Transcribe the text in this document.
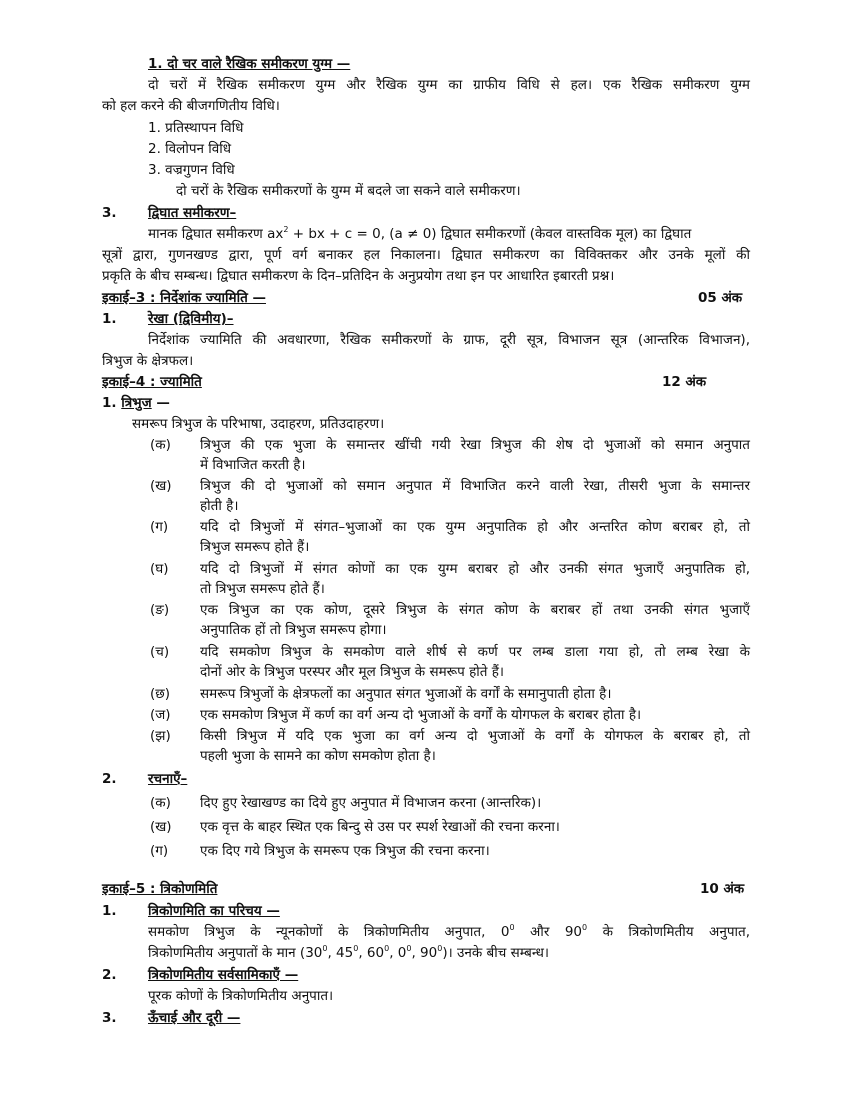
1. दो चर वाले रैखिक समीकरण युग्म —
दो चरों में रैखिक समीकरण युग्म और रैखिक युग्म का ग्राफीय विधि से हल। एक रैखिक समीकरण युग्म
को हल करने की बीजगणितीय विधि।
1. प्रतिस्थापन विधि
2. विलोपन विधि
3. वज्रगुणन विधि
दो चरों के रैखिक समीकरणों के युग्म में बदले जा सकने वाले समीकरण।
3. द्विघात समीकरण–
मानक द्विघात समीकरण $ax^2$ + bx + c = 0, (a ≠ 0) द्विघात समीकरणों (केवल वास्तविक मूल) का द्विघात
सूत्रों द्वारा, गुणनखण्ड द्वारा, पूर्ण वर्ग बनाकर हल निकालना। द्विघात समीकरण का विविक्तकर और उनके मूलों की
प्रकृति के बीच सम्बन्ध। द्विघात समीकरण के दिन–प्रतिदिन के अनुप्रयोग तथा इन पर आधारित इबारती प्रश्न।
इकाई–3 : निर्देशांक ज्यामिति —	05 अंक
1. रेखा (द्विविमीय)–
निर्देशांक ज्यामिति की अवधारणा, रैखिक समीकरणों के ग्राफ, दूरी सूत्र, विभाजन सूत्र (आन्तरिक विभाजन),
त्रिभुज के क्षेत्रफल।
इकाई–4 : ज्यामिति	12 अंक
1. त्रिभुज —
समरूप त्रिभुज के परिभाषा, उदाहरण, प्रतिउदाहरण।
(क) त्रिभुज की एक भुजा के समान्तर खींची गयी रेखा त्रिभुज की शेष दो भुजाओं को समान अनुपात
में विभाजित करती है।
(ख) त्रिभुज की दो भुजाओं को समान अनुपात में विभाजित करने वाली रेखा, तीसरी भुजा के समान्तर
होती है।
(ग) यदि दो त्रिभुजों में संगत–भुजाओं का एक युग्म अनुपातिक हो और अन्तरित कोण बराबर हो, तो
त्रिभुज समरूप होते हैं।
(घ) यदि दो त्रिभुजों में संगत कोणों का एक युग्म बराबर हो और उनकी संगत भुजाएँ अनुपातिक हो,
तो त्रिभुज समरूप होते हैं।
(ङ) एक त्रिभुज का एक कोण, दूसरे त्रिभुज के संगत कोण के बराबर हों तथा उनकी संगत भुजाएँ
अनुपातिक हों तो त्रिभुज समरूप होगा।
(च) यदि समकोण त्रिभुज के समकोण वाले शीर्ष से कर्ण पर लम्ब डाला गया हो, तो लम्ब रेखा के
दोनों ओर के त्रिभुज परस्पर और मूल त्रिभुज के समरूप होते हैं।
(छ) समरूप त्रिभुजों के क्षेत्रफलों का अनुपात संगत भुजाओं के वर्गों के समानुपाती होता है।
(ज) एक समकोण त्रिभुज में कर्ण का वर्ग अन्य दो भुजाओं के वर्गों के योगफल के बराबर होता है।
(झ) किसी त्रिभुज में यदि एक भुजा का वर्ग अन्य दो भुजाओं के वर्गों के योगफल के बराबर हो, तो
पहली भुजा के सामने का कोण समकोण होता है।
2. रचनाएँ–
(क) दिए हुए रेखाखण्ड का दिये हुए अनुपात में विभाजन करना (आन्तरिक)।
(ख) एक वृत्त के बाहर स्थित एक बिन्दु से उस पर स्पर्श रेखाओं की रचना करना।
(ग) एक दिए गये त्रिभुज के समरूप एक त्रिभुज की रचना करना।
इकाई–5 : त्रिकोणमिति	10 अंक
1. त्रिकोणमिति का परिचय —
समकोण त्रिभुज के न्यूनकोणों के त्रिकोणमितीय अनुपात, $0^0$ और $90^0$ के त्रिकोणमितीय अनुपात,
त्रिकोणमितीय अनुपातों के मान ($30^0$, $45^0$, $60^0$, $0^0$, $90^0)।$ उनके बीच सम्बन्ध।
2. त्रिकोणमितीय सर्वसामिकाएँ —
पूरक कोणों के त्रिकोणमितीय अनुपात।
3. ऊँचाई और दूरी —
